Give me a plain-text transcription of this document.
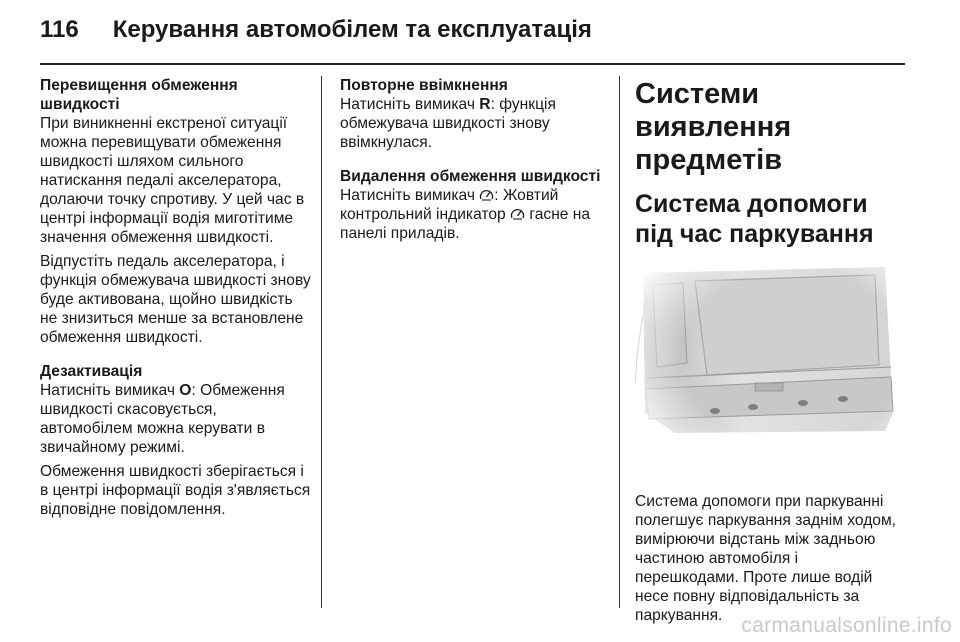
116 Керування автомобілем та експлуатація
Перевищення обмеження швидкості

При виникненні екстреної ситуації можна перевищувати обмеження швидкості шляхом сильного натискання педалі акселератора, долаючи точку спротиву. У цей час в центрі інформації водія миготітиме значення обмеження швидкості.

Відпустіть педаль акселератора, і функція обмежувача швидкості знову буде активована, щойно швидкість не знизиться менше за встановлене обмеження швидкості.

Дезактивація

Натисніть вимикач O: Обмеження швидкості скасовується, автомобілем можна керувати в звичайному режимі.

Обмеження швидкості зберігається і в центрі інформації водія з'являється відповідне повідомлення.

Повторне ввімкнення

Натисніть вимикач R: функція обмежувача швидкості знову ввімкнулася.

Видалення обмеження швидкості

Натисніть вимикач : Жовтий контрольний індикатор  гасне на панелі приладів.

Системи виявлення предметів
Система допомоги під час паркування

Система допомоги при паркуванні полегшує паркування заднім ходом, вимірюючи відстань між задньою частиною автомобіля і перешкодами. Проте лише водій несе повну відповідальність за паркування. carmanualsonline.info
